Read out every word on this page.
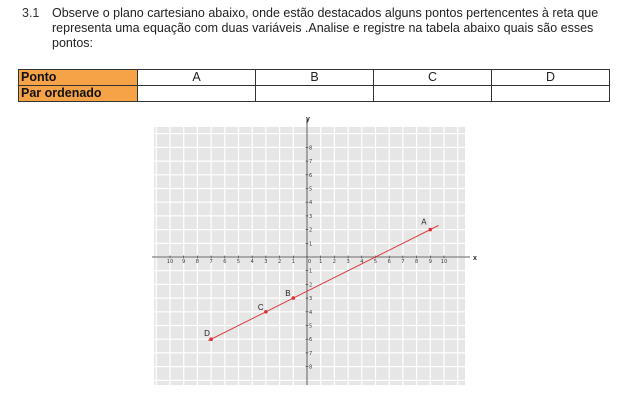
3.1 Observe o plano cartesiano abaixo, onde estão destacados alguns pontos pertencentes à reta que representa uma equação com duas variáveis .Analise e registre na tabela abaixo quais são esses pontos:
Ponto	A	B	C	D
Par ordenado				
y
x
10 9 8 7 6 5 4 3 2 1	1 2 3 4 5 6 7 8 9 10
8
7
6
5
4
3
2
1
1
2
3
4
5
6
7
8
0
A
B
C
D
